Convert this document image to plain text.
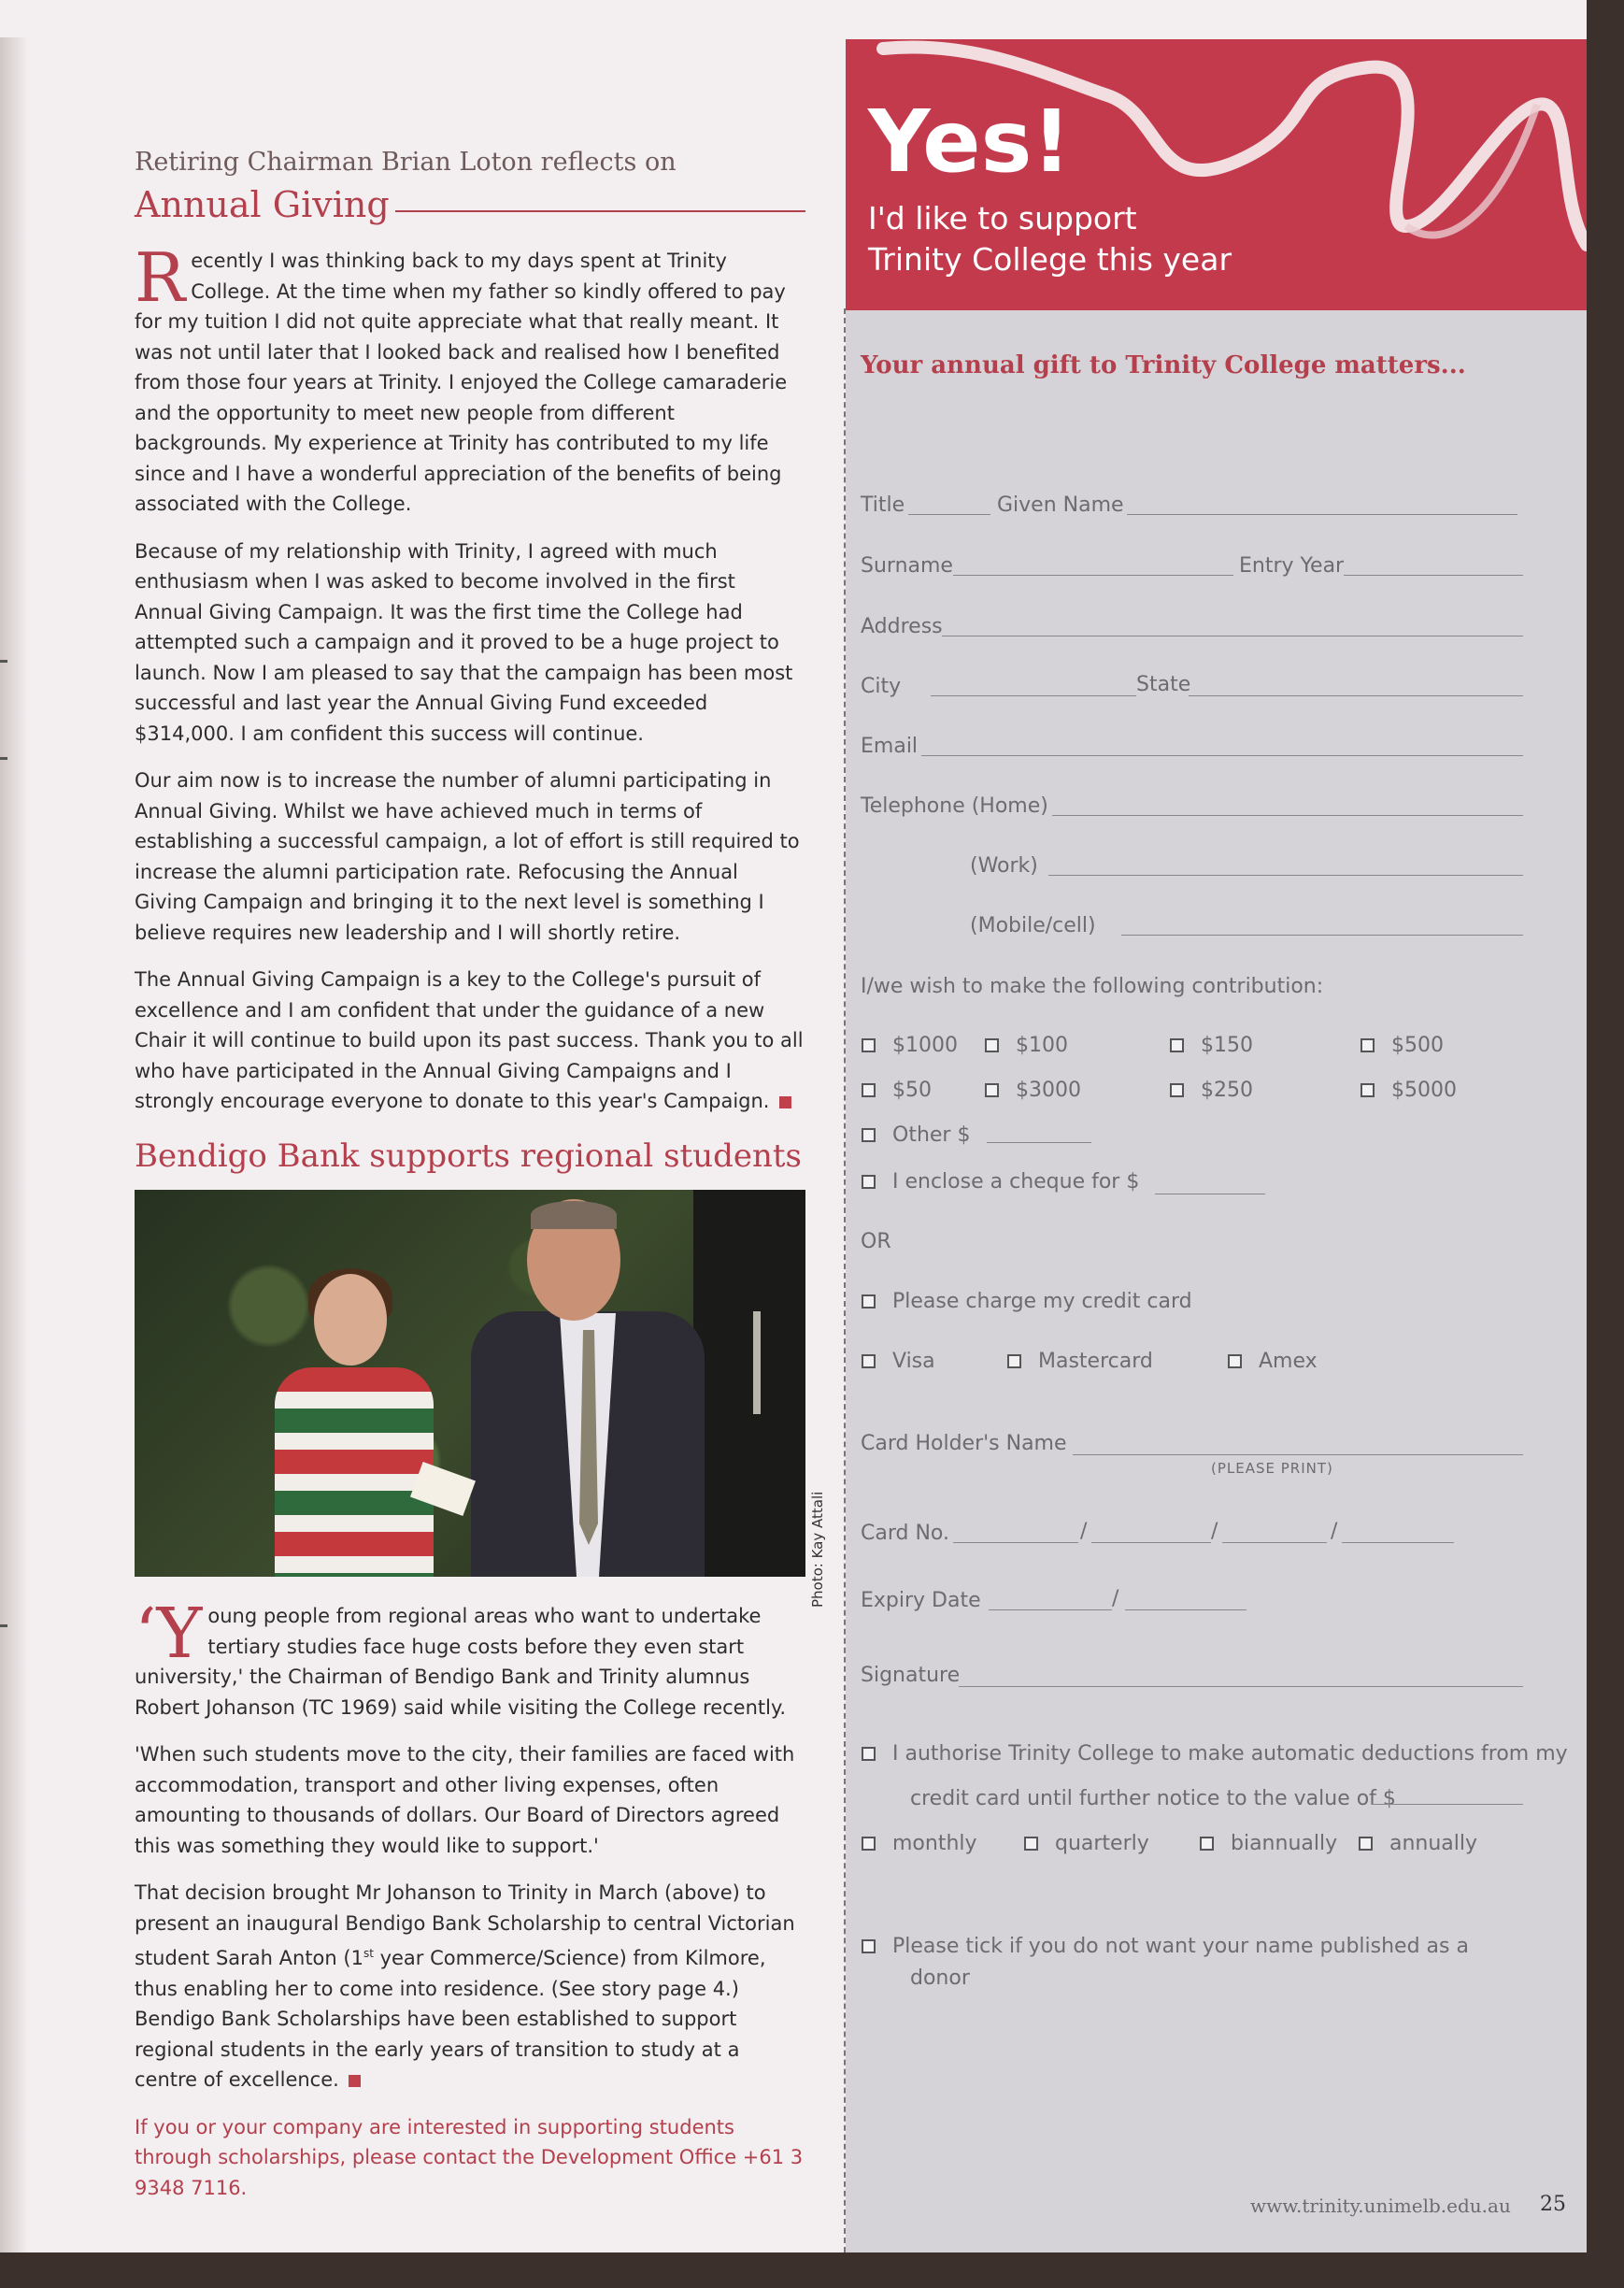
Retiring Chairman Brian Loton reflects on
Annual Giving

Recently I was thinking back to my days spent at Trinity College. At the time when my father so kindly offered to pay for my tuition I did not quite appreciate what that really meant. It was not until later that I looked back and realised how I benefited from those four years at Trinity. I enjoyed the College camaraderie and the opportunity to meet new people from different backgrounds. My experience at Trinity has contributed to my life since and I have a wonderful appreciation of the benefits of being associated with the College.

Because of my relationship with Trinity, I agreed with much enthusiasm when I was asked to become involved in the first Annual Giving Campaign. It was the first time the College had attempted such a campaign and it proved to be a huge project to launch. Now I am pleased to say that the campaign has been most successful and last year the Annual Giving Fund exceeded $314,000. I am confident this success will continue.

Our aim now is to increase the number of alumni participating in Annual Giving. Whilst we have achieved much in terms of establishing a successful campaign, a lot of effort is still required to increase the alumni participation rate. Refocusing the Annual Giving Campaign and bringing it to the next level is something I believe requires new leadership and I will shortly retire.

The Annual Giving Campaign is a key to the College's pursuit of excellence and I am confident that under the guidance of a new Chair it will continue to build upon its past success. Thank you to all who have participated in the Annual Giving Campaigns and I strongly encourage everyone to donate to this year's Campaign.

Bendigo Bank supports regional students

‘Young people from regional areas who want to undertake tertiary studies face huge costs before they even start university,' the Chairman of Bendigo Bank and Trinity alumnus Robert Johanson (TC 1969) said while visiting the College recently.

'When such students move to the city, their families are faced with accommodation, transport and other living expenses, often amounting to thousands of dollars. Our Board of Directors agreed this was something they would like to support.'

That decision brought Mr Johanson to Trinity in March (above) to present an inaugural Bendigo Bank Scholarship to central Victorian student Sarah Anton (1st year Commerce/Science) from Kilmore, thus enabling her to come into residence. (See story page 4.) Bendigo Bank Scholarships have been established to support regional students in the early years of transition to study at a centre of excellence.

If you or your company are interested in supporting students through scholarships, please contact the Development Office +61 3 9348 7116.

Photo: Kay Attali
Yes!
I'd like to support
Trinity College this year
Your annual gift to Trinity College matters...
Title	Given Name
Surname	Entry Year
Address
City	State
Email
Telephone (Home)
(Work)
(Mobile/cell)
I/we wish to make the following contribution:
$1000	$100	$150	$500
$50	$3000	$250	$5000
Other $
I enclose a cheque for $
OR
Please charge my credit card
Visa	Mastercard	Amex
Card Holder's Name
(PLEASE PRINT)
Card No.	/	/	/
Expiry Date	/
Signature
I authorise Trinity College to make automatic deductions from my
credit card until further notice to the value of $
monthly	quarterly	biannually	annually
Please tick if you do not want your name published as a
donor
www.trinity.unimelb.edu.au 25
